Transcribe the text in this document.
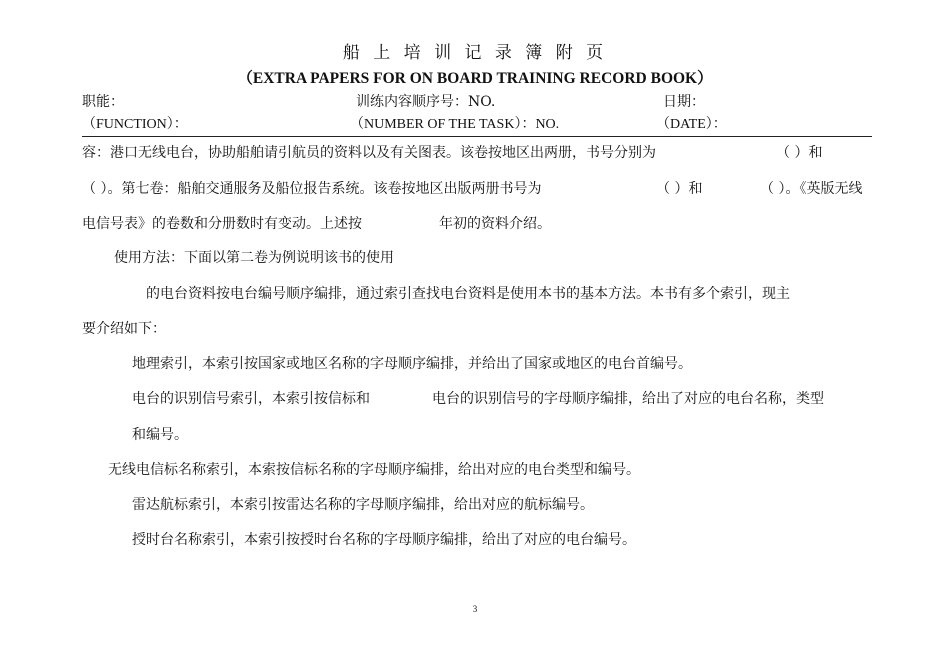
船 上 培 训 记 录 簿 附 页
（EXTRA PAPERS FOR ON BOARD TRAINING RECORD BOOK）
职能：	训练内容顺序号：NO.	日期：
（FUNCTION）：	（NUMBER OF THE TASK）：NO.	（DATE）：
容：港口无线电台，协助船舶请引航员的资料以及有关图表。该卷按地区出两册，书号分别为	（ ）和
（ ）。第七卷：船舶交通服务及船位报告系统。该卷按地区出版两册书号为	（ ）和	（ ）。《英版无线
电信号表》的卷数和分册数时有变动。上述按	年初的资料介绍。
使用方法：下面以第二卷为例说明该书的使用
的电台资料按电台编号顺序编排，通过索引查找电台资料是使用本书的基本方法。本书有多个索引，现主
要介绍如下：
地理索引，本索引按国家或地区名称的字母顺序编排，并给出了国家或地区的电台首编号。
电台的识别信号索引，本索引按信标和	电台的识别信号的字母顺序编排，给出了对应的电台名称，类型
和编号。
无线电信标名称索引，本索按信标名称的字母顺序编排，给出对应的电台类型和编号。
雷达航标索引，本索引按雷达名称的字母顺序编排，给出对应的航标编号。
授时台名称索引，本索引按授时台名称的字母顺序编排，给出了对应的电台编号。
3
